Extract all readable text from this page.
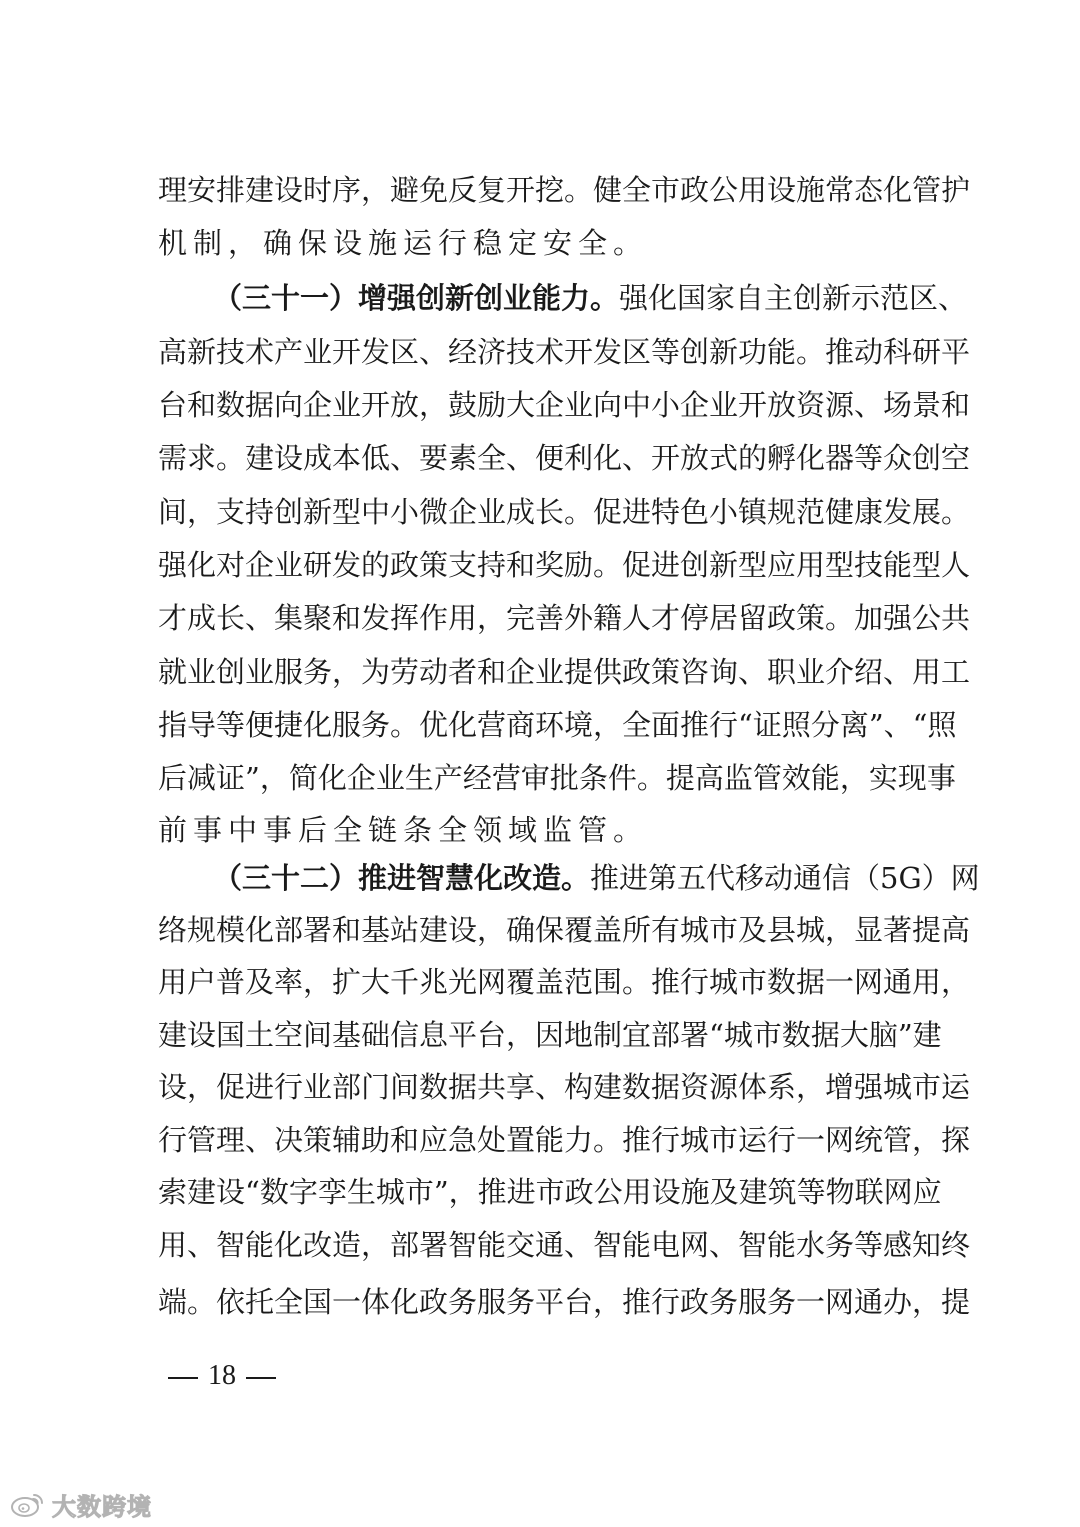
理安排建设时序，避免反复开挖。健全市政公用设施常态化管护
机制，确保设施运行稳定安全。
（三十一）增强创新创业能力。强化国家自主创新示范区、
高新技术产业开发区、经济技术开发区等创新功能。推动科研平
台和数据向企业开放，鼓励大企业向中小企业开放资源、场景和
需求。建设成本低、要素全、便利化、开放式的孵化器等众创空
间，支持创新型中小微企业成长。促进特色小镇规范健康发展。
强化对企业研发的政策支持和奖励。促进创新型应用型技能型人
才成长、集聚和发挥作用，完善外籍人才停居留政策。加强公共
就业创业服务，为劳动者和企业提供政策咨询、职业介绍、用工
指导等便捷化服务。优化营商环境，全面推行“证照分离”、“照
后减证”，简化企业生产经营审批条件。提高监管效能，实现事
前事中事后全链条全领域监管。
（三十二）推进智慧化改造。推进第五代移动通信（5G）网
络规模化部署和基站建设，确保覆盖所有城市及县城，显著提高
用户普及率，扩大千兆光网覆盖范围。推行城市数据一网通用，
建设国土空间基础信息平台，因地制宜部署“城市数据大脑”建
设，促进行业部门间数据共享、构建数据资源体系，增强城市运
行管理、决策辅助和应急处置能力。推行城市运行一网统管，探
索建设“数字孪生城市”，推进市政公用设施及建筑等物联网应
用、智能化改造，部署智能交通、智能电网、智能水务等感知终
端。依托全国一体化政务服务平台，推行政务服务一网通办，提
18
大数跨境
